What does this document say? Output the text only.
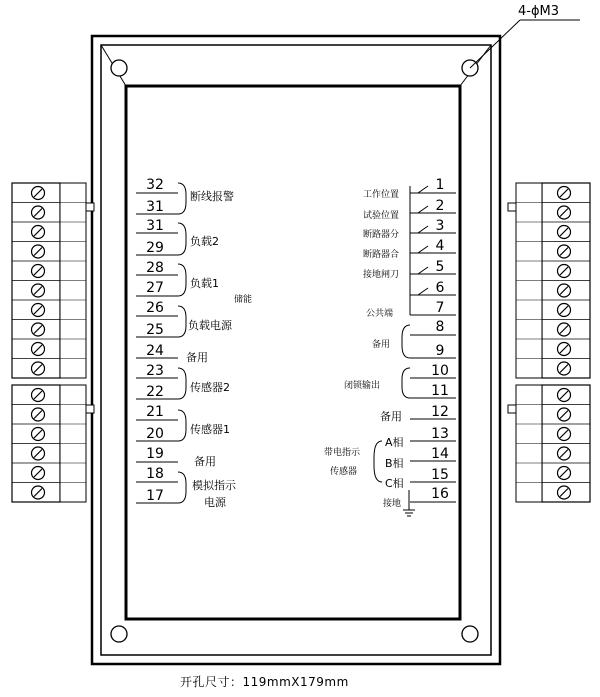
4-ϕM3
32
31
31
29
28
27
26
25
24
23
22
21
20
19
18
17
断线报警
负载2
负载1
储能
负载电源
备用
传感器2
传感器1
备用
模拟指示
电源
1
2
3
4
5
6
7
8
9
10
11
12
13
14
15
16
工作位置
试验位置
断路器分
断路器合
接地闸刀
公共端
备用
A相
B相
C相
接地
备用
闭锁输出
带电指示
传感器
开孔尺寸：119mmX179mm
